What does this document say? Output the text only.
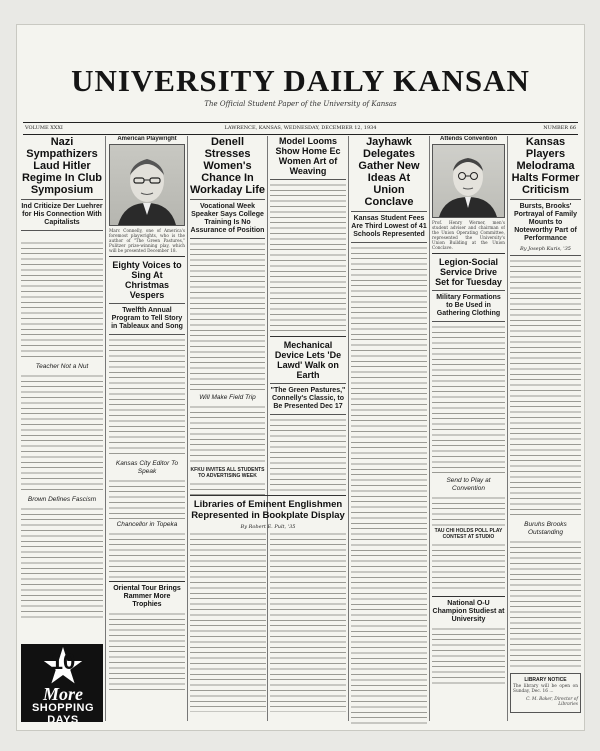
UNIVERSITY DAILY KANSAN
The Official Student Paper of the University of Kansas
VOLUME XXXI	LAWRENCE, KANSAS, WEDNESDAY, DECEMBER 12, 1934	NUMBER 66
Nazi Sympathizers Laud Hitler Regime In Club Symposium
Ind Criticize Der Luehrer for His Connection With Capitalists

Teacher Not a Nut
Brown Defines Fascism
10
More
SHOPPING
DAYS
American Playwright
Marc Connelly, one of America's foremost playwrights, who is the author of "The Green Pastures," Pulitzer prize-winning play, which will be presented December 18.
Eighty Voices to Sing At Christmas Vespers
Twelfth Annual Program to Tell Story in Tableaux and Song
Kansas City Editor To Speak
Chancellor in Topeka
Oriental Tour Brings Rammer More Trophies
Denell Stresses Women's Chance In Workaday Life
Vocational Week Speaker Says College Training Is No Assurance of Position
Will Make Field Trip
KFKU INVITES ALL STUDENTS TO ADVERTISING WEEK
Libraries of Eminent Englishmen Represented in Bookplate Display
By Robert E. Pult, '35
Model Looms Show Home Ec Women Art of Weaving
Mechanical Device Lets 'De Lawd' Walk on Earth
"The Green Pastures," Connelly's Classic, to Be Presented Dec 17
Jayhawk Delegates Gather New Ideas At Union Conclave
Kansas Student Fees Are Third Lowest of 41 Schools Represented
Attends Convention
Prof. Henry Werner, men's student adviser and chairman of the Union Operating Committee, represented the University's Union Building at the Union Conclave.
Legion-Social Service Drive Set for Tuesday
Military Formations to Be Used in Gathering Clothing
Send to Play at Convention
TAU CHI HOLDS POLL PLAY CONTEST AT STUDIO
National O-U Champion Studiest at University
Kansas Players Melodrama Halts Former Criticism
Bursts, Brooks' Portrayal of Family Mounts to Noteworthy Part of Performance
By Joseph Kuris, '35
Buruhs Brooks Outstanding
LIBRARY NOTICE
The library will be open on Sunday, Dec. 16 ...
C. M. Baker, Director of Libraries
